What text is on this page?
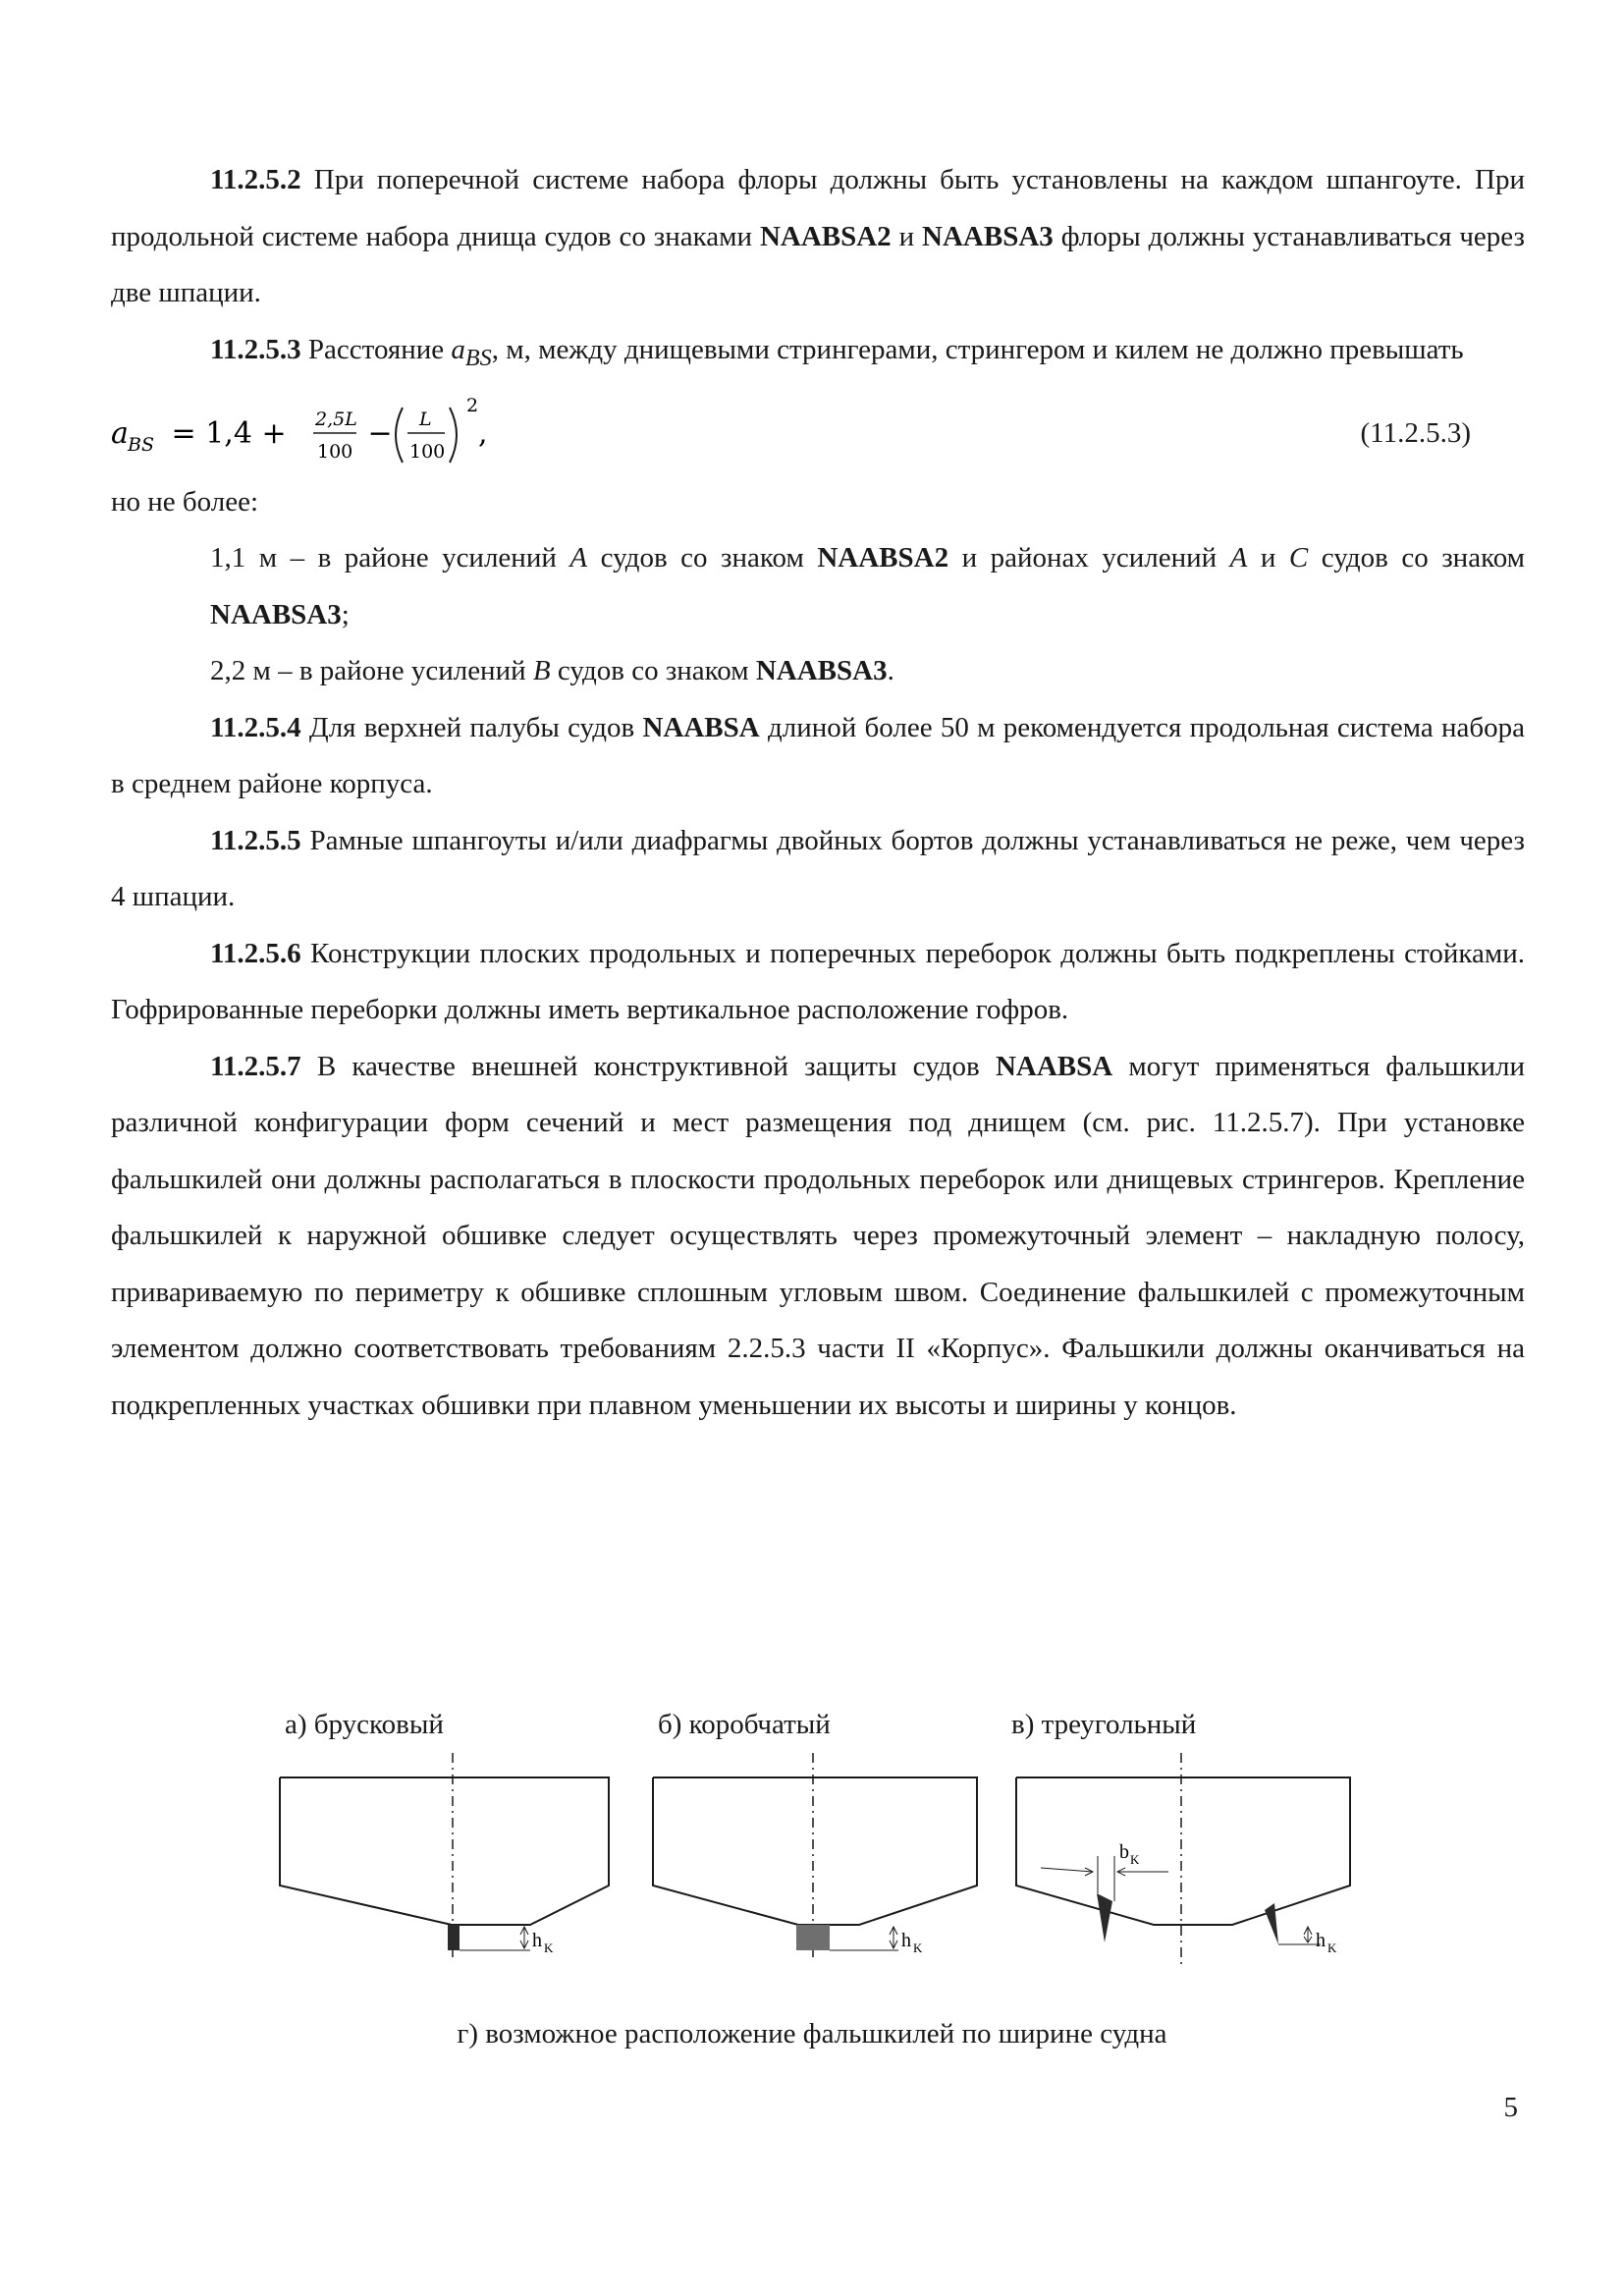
11.2.5.2 При поперечной системе набора флоры должны быть установлены на каждом шпангоуте. При продольной системе набора днища судов со знаками NAABSA2 и NAABSA3 флоры должны устанавливаться через две шпации.

11.2.5.3 Расстояние $a_{BS}$, м, между днищевыми стрингерами, стрингером и килем не должно превышать

a BS = 1,4 + 2,5L
100
− L
100
2
,	(11.2.5.3)

но не более:

1,1 м – в районе усилений A судов со знаком NAABSA2 и районах усилений A и C судов со знаком NAABSA3;

2,2 м – в районе усилений B судов со знаком NAABSA3.

11.2.5.4 Для верхней палубы судов NAABSA длиной более 50 м рекомендуется продольная система набора в среднем районе корпуса.

11.2.5.5 Рамные шпангоуты и/или диафрагмы двойных бортов должны устанавливаться не реже, чем через 4 шпации.

11.2.5.6 Конструкции плоских продольных и поперечных переборок должны быть подкреплены стойками. Гофрированные переборки должны иметь вертикальное расположение гофров.

11.2.5.7 В качестве внешней конструктивной защиты судов NAABSA могут применяться фальшкили различной конфигурации форм сечений и мест размещения под днищем (см. рис. 11.2.5.7). При установке фальшкилей они должны располагаться в плоскости продольных переборок или днищевых стрингеров. Крепление фальшкилей к наружной обшивке следует осуществлять через промежуточный элемент – накладную полосу, привариваемую по периметру к обшивке сплошным угловым швом. Соединение фальшкилей с промежуточным элементом должно соответствовать требованиям 2.2.5.3 части II «Корпус». Фальшкили должны оканчиваться на подкрепленных участках обшивки при плавном уменьшении их высоты и ширины у концов.

а) брусковый	б) коробчатый	в) треугольный
h K	h K
b K
h K
г) возможное расположение фальшкилей по ширине судна
5
